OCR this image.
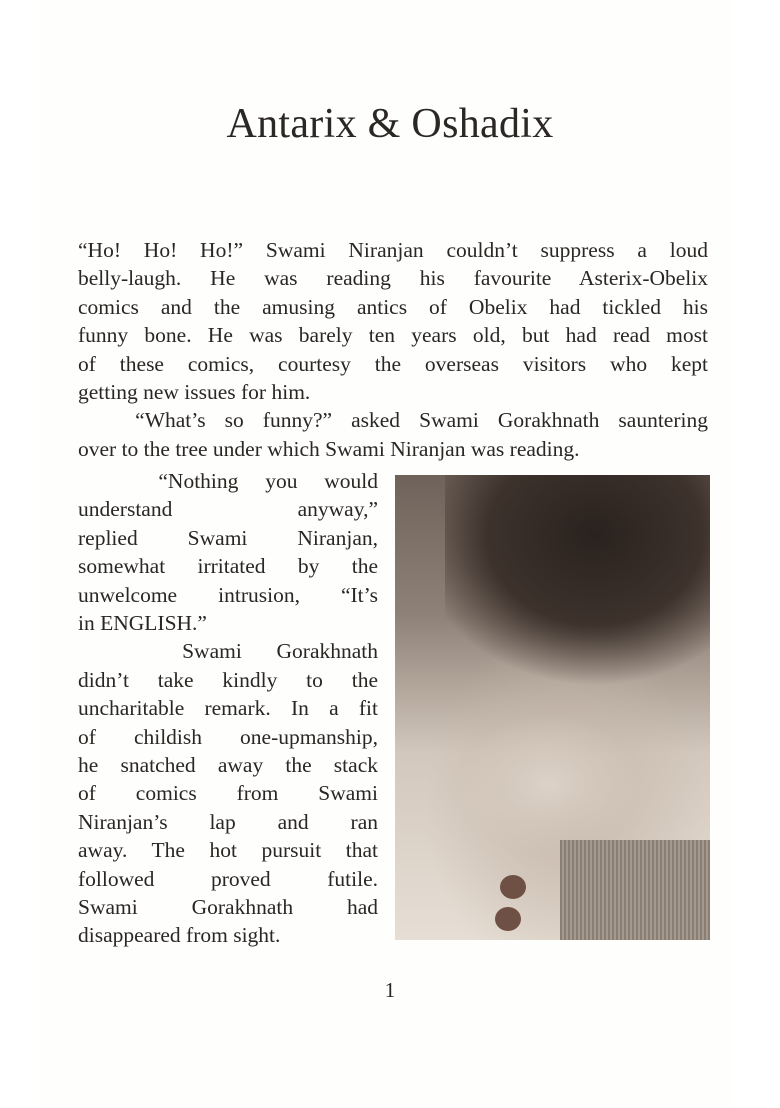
Antarix & Oshadix
“Ho! Ho! Ho!” Swami Niranjan couldn’t suppress a loud
belly-laugh. He was reading his favourite Asterix-Obelix
comics and the amusing antics of Obelix had tickled his
funny bone. He was barely ten years old, but had read most
of these comics, courtesy the overseas visitors who kept
getting new issues for him.
“What’s so funny?” asked Swami Gorakhnath sauntering
over to the tree under which Swami Niranjan was reading.
“Nothing you would
understand anyway,”
replied Swami Niranjan,
somewhat irritated by the
unwelcome intrusion, “It’s
in ENGLISH.”
Swami Gorakhnath
didn’t take kindly to the
uncharitable remark. In a fit
of childish one-upmanship,
he snatched away the stack
of comics from Swami
Niranjan’s lap and ran
away. The hot pursuit that
followed proved futile.
Swami Gorakhnath had
disappeared from sight.
1
